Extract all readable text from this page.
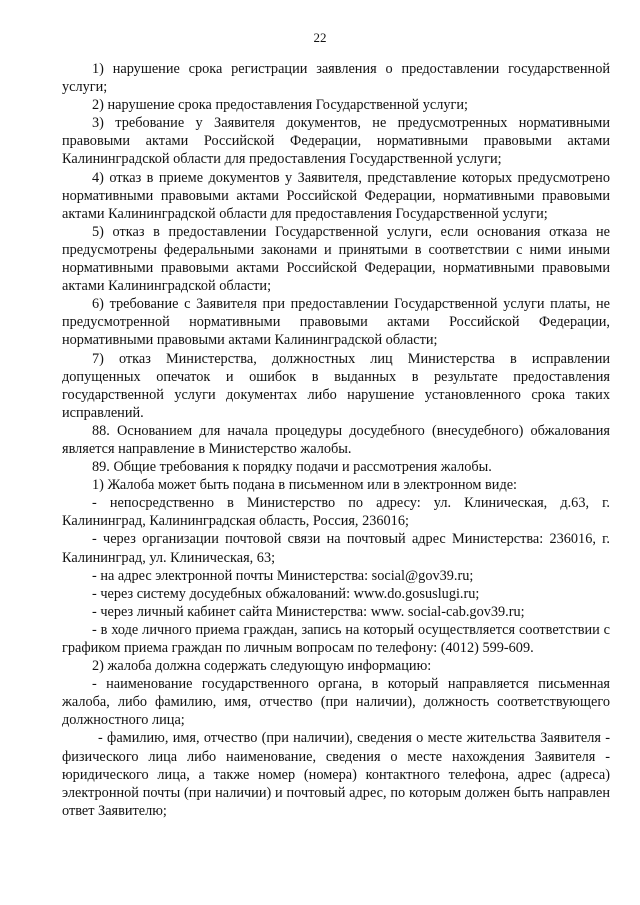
22

1) нарушение срока регистрации заявления о предоставлении государственной услуги;

2) нарушение срока предоставления Государственной услуги;

3) требование у Заявителя документов, не предусмотренных нормативными правовыми актами Российской Федерации, нормативными правовыми актами Калининградской области для предоставления Государственной услуги;

4) отказ в приеме документов у Заявителя, представление которых предусмотрено нормативными правовыми актами Российской Федерации, нормативными правовыми актами Калининградской области для предоставления Государственной услуги;

5) отказ в предоставлении Государственной услуги, если основания отказа не предусмотрены федеральными законами и принятыми в соответствии с ними иными нормативными правовыми актами Российской Федерации, нормативными правовыми актами Калининградской области;

6) требование с Заявителя при предоставлении Государственной услуги платы, не предусмотренной нормативными правовыми актами Российской Федерации, нормативными правовыми актами Калининградской области;

7) отказ Министерства, должностных лиц Министерства в исправлении допущенных опечаток и ошибок в выданных в результате предоставления государственной услуги документах либо нарушение установленного срока таких исправлений.

88. Основанием для начала процедуры досудебного (внесудебного) обжалования является направление в Министерство жалобы.

89. Общие требования к порядку подачи и рассмотрения жалобы.

1) Жалоба может быть подана в письменном или в электронном виде:

- непосредственно в Министерство по адресу: ул. Клиническая, д.63, г. Калининград, Калининградская область, Россия, 236016;

- через организации почтовой связи на почтовый адрес Министерства: 236016, г. Калининград, ул. Клиническая, 63;

- на адрес электронной почты Министерства: social@gov39.ru;

- через систему досудебных обжалований: www.do.gosuslugi.ru;

- через личный кабинет сайта Министерства: www. social-cab.gov39.ru;

- в ходе личного приема граждан, запись на который осуществляется соответствии с графиком приема граждан по личным вопросам по телефону: (4012) 599-609.

2) жалоба должна содержать следующую информацию:

- наименование государственного органа, в который направляется письменная жалоба, либо фамилию, имя, отчество (при наличии), должность соответствующего должностного лица;

- фамилию, имя, отчество (при наличии), сведения о месте жительства Заявителя - физического лица либо наименование, сведения о месте нахождения Заявителя - юридического лица, а также номер (номера) контактного телефона, адрес (адреса) электронной почты (при наличии) и почтовый адрес, по которым должен быть направлен ответ Заявителю;
